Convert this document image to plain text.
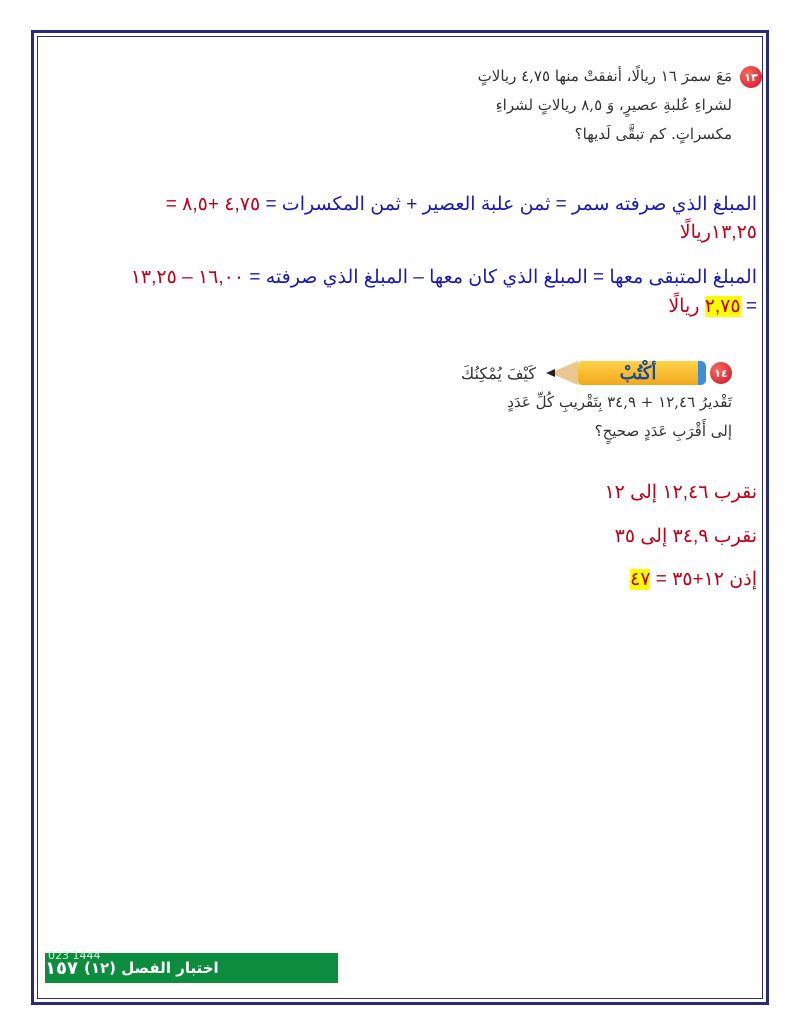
١٣
مَعَ سمرَ ١٦ ريالًا، أنفقتْ منها ٤,٧٥ ريالاتٍ
لشراءِ عُلبةِ عصيرٍ، وَ ٨,٥ ريالاتٍ لشراءِ
مكسراتٍ. كم تبقَّى لَديها؟
المبلغ الذي صرفته سمر = ثمن علبة العصير + ثمن المكسرات = ٤,٧٥ +٨,٥ =
١٣,٢٥ريالًا
المبلغ المتبقى معها = المبلغ الذي كان معها – المبلغ الذي صرفته = ١٦,٠٠ – ١٣,٢٥
= ٢,٧٥ ريالًا
١٤
أكْتُبْ
كَيْفَ يُمْكِنُكَ
تَقْديرُ ١٢,٤٦ + ٣٤,٩ بِتَقْريبِ كُلِّ عَدَدٍ
إلى أَقْرَبِ عَدَدٍ صحيحٍ؟
نقرب ١٢,٤٦ إلى ١٢
نقرب ٣٤,٩ إلى ٣٥
إذن ١٢+٣٥ = ٤٧
اختبار الفصل (١٢)
١٥٧
023 1444
